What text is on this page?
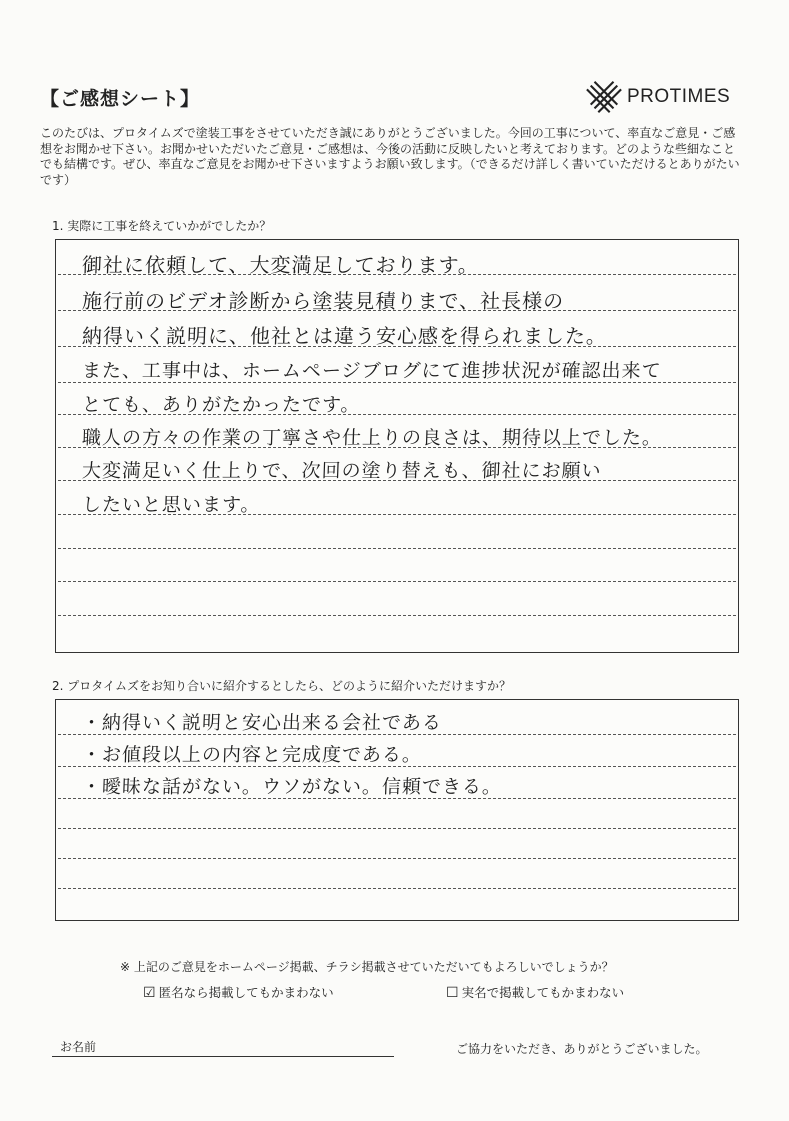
【ご感想シート】	PROTIMES
このたびは、プロタイムズで塗装工事をさせていただき誠にありがとうございました。今回の工事について、率直なご意見・ご感想をお聞かせ下さい。お聞かせいただいたご意見・ご感想は、今後の活動に反映したいと考えております。どのような些細なことでも結構です。ぜひ、率直なご意見をお聞かせ下さいますようお願い致します。（できるだけ詳しく書いていただけるとありがたいです）
1. 実際に工事を終えていかがでしたか？
御社に依頼して、大変満足しております。
施行前のビデオ診断から塗装見積りまで、社長様の
納得いく説明に、他社とは違う安心感を得られました。
また、工事中は、ホームページブログにて進捗状況が確認出来て
とても、ありがたかったです。
職人の方々の作業の丁寧さや仕上りの良さは、期待以上でした。
大変満足いく仕上りで、次回の塗り替えも、御社にお願い
したいと思います。
2. プロタイムズをお知り合いに紹介するとしたら、どのように紹介いただけますか？
・納得いく説明と安心出来る会社である
・お値段以上の内容と完成度である。
・曖昧な話がない。ウソがない。信頼できる。
※ 上記のご意見をホームページ掲載、チラシ掲載させていただいてもよろしいでしょうか？
☑ 匿名なら掲載してもかまわない	☐ 実名で掲載してもかまわない
お名前	ご協力をいただき、ありがとうございました。
